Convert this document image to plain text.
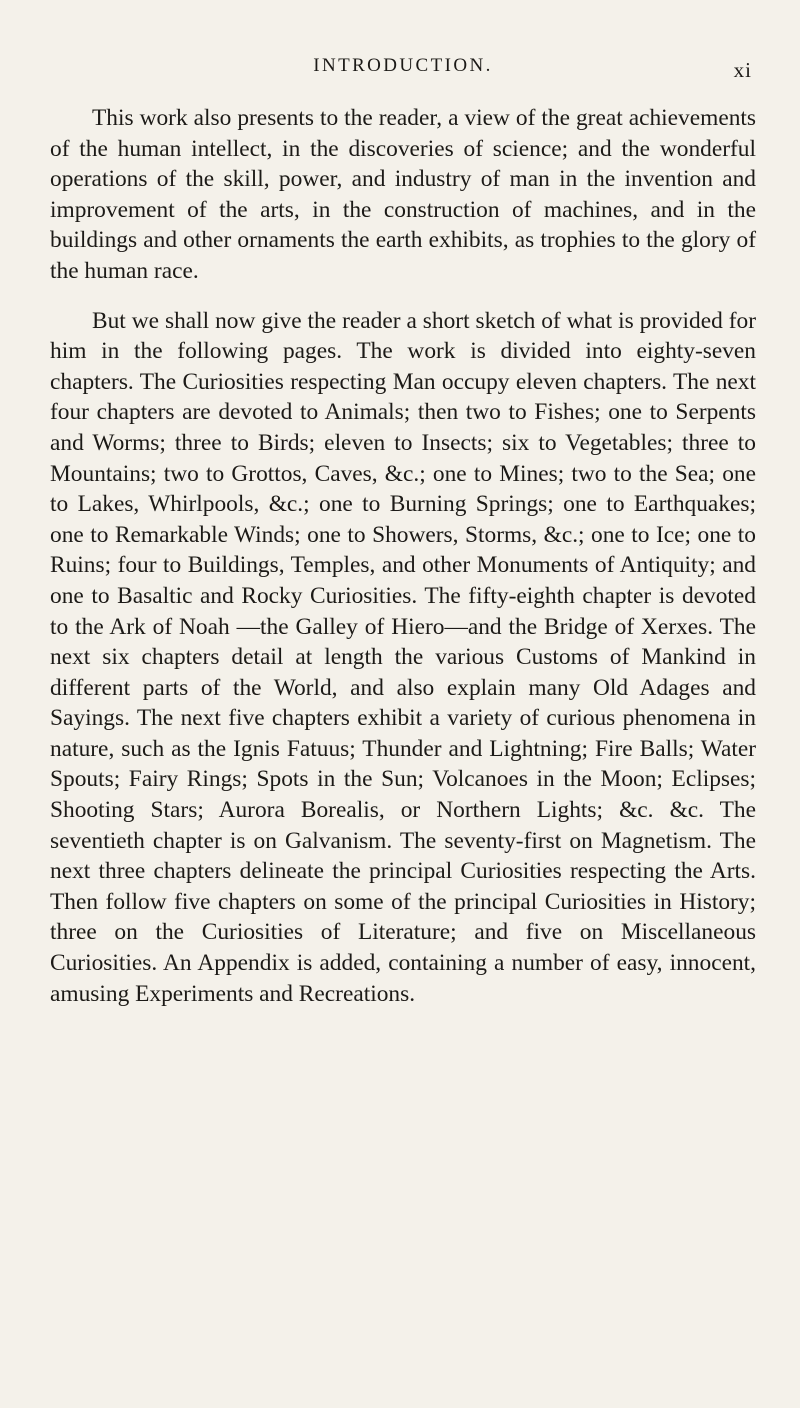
INTRODUCTION.	xi

This work also presents to the reader, a view of the great achievements of the human intellect, in the discoveries of science; and the wonderful operations of the skill, power, and industry of man in the invention and improvement of the arts, in the construction of machines, and in the buildings and other ornaments the earth exhibits, as trophies to the glory of the human race.

But we shall now give the reader a short sketch of what is provided for him in the following pages. The work is divided into eighty-seven chapters. The Curiosities respecting Man occupy eleven chapters. The next four chapters are devoted to Animals; then two to Fishes; one to Serpents and Worms; three to Birds; eleven to Insects; six to Vegetables; three to Mountains; two to Grottos, Caves, &c.; one to Mines; two to the Sea; one to Lakes, Whirlpools, &c.; one to Burning Springs; one to Earthquakes; one to Remarkable Winds; one to Showers, Storms, &c.; one to Ice; one to Ruins; four to Buildings, Temples, and other Monuments of Antiquity; and one to Basaltic and Rocky Curiosities. The fifty-eighth chapter is devoted to the Ark of Noah —the Galley of Hiero—and the Bridge of Xerxes. The next six chapters detail at length the various Customs of Mankind in different parts of the World, and also explain many Old Adages and Sayings. The next five chapters exhibit a variety of curious phenomena in nature, such as the Ignis Fatuus; Thunder and Lightning; Fire Balls; Water Spouts; Fairy Rings; Spots in the Sun; Volcanoes in the Moon; Eclipses; Shooting Stars; Aurora Borealis, or Northern Lights; &c. &c. The seventieth chapter is on Galvanism. The seventy-first on Magnetism. The next three chapters delineate the principal Curiosities respecting the Arts. Then follow five chapters on some of the principal Curiosities in History; three on the Curiosities of Literature; and five on Miscellaneous Curiosities. An Appendix is added, containing a number of easy, innocent, amusing Experiments and Recreations.
